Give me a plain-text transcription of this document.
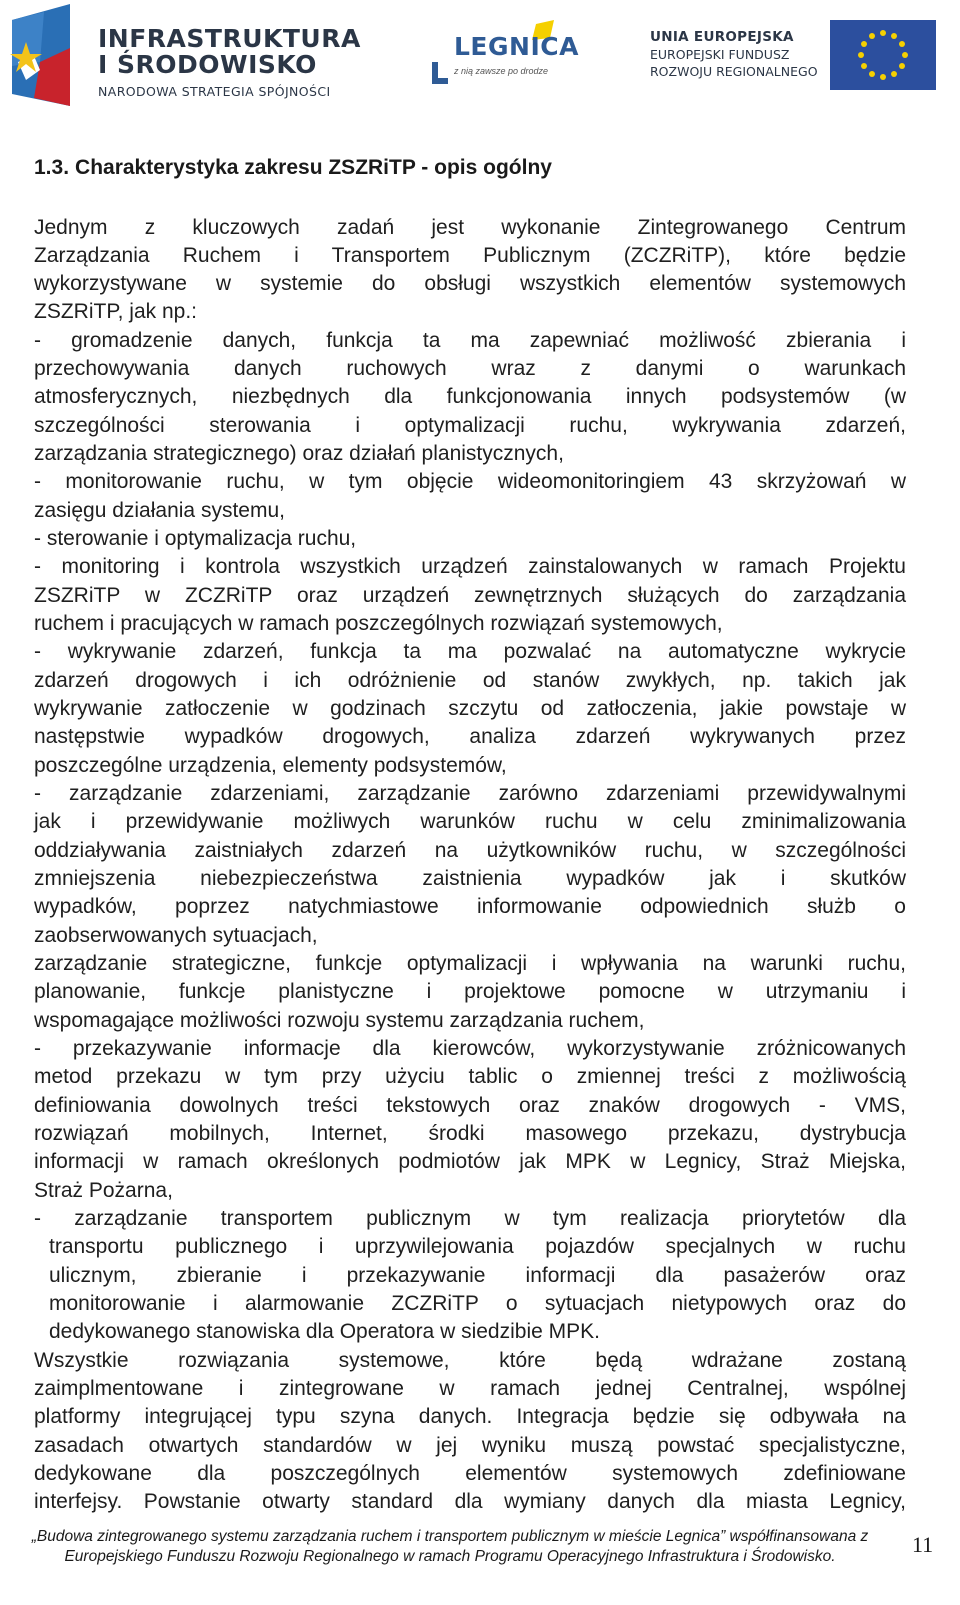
INFRASTRUKTURA
I ŚRODOWISKO
NARODOWA STRATEGIA SPÓJNOŚCI
LEGNICA
z nią zawsze po drodze
UNIA EUROPEJSKA
EUROPEJSKI FUNDUSZ
ROZWOJU REGIONALNEGO
1.3. Charakterystyka zakresu ZSZRiTP - opis ogólny
Jednym z kluczowych zadań jest wykonanie Zintegrowanego Centrum
Zarządzania Ruchem i Transportem Publicznym (ZCZRiTP), które będzie
wykorzystywane w systemie do obsługi wszystkich elementów systemowych
ZSZRiTP, jak np.:
- gromadzenie danych, funkcja ta ma zapewniać możliwość zbierania i
przechowywania danych ruchowych wraz z danymi o warunkach
atmosferycznych, niezbędnych dla funkcjonowania innych podsystemów (w
szczególności sterowania i optymalizacji ruchu, wykrywania zdarzeń,
zarządzania strategicznego) oraz działań planistycznych,
- monitorowanie ruchu, w tym objęcie wideomonitoringiem 43 skrzyżowań w
zasięgu działania systemu,
- sterowanie i optymalizacja ruchu,
- monitoring i kontrola wszystkich urządzeń zainstalowanych w ramach Projektu
ZSZRiTP w ZCZRiTP oraz urządzeń zewnętrznych służących do zarządzania
ruchem i pracujących w ramach poszczególnych rozwiązań systemowych,
- wykrywanie zdarzeń, funkcja ta ma pozwalać na automatyczne wykrycie
zdarzeń drogowych i ich odróżnienie od stanów zwykłych, np. takich jak
wykrywanie zatłoczenie w godzinach szczytu od zatłoczenia, jakie powstaje w
następstwie wypadków drogowych, analiza zdarzeń wykrywanych przez
poszczególne urządzenia, elementy podsystemów,
- zarządzanie zdarzeniami, zarządzanie zarówno zdarzeniami przewidywalnymi
jak i przewidywanie możliwych warunków ruchu w celu zminimalizowania
oddziaływania zaistniałych zdarzeń na użytkowników ruchu, w szczególności
zmniejszenia niebezpieczeństwa zaistnienia wypadków jak i skutków
wypadków, poprzez natychmiastowe informowanie odpowiednich służb o
zaobserwowanych sytuacjach,
zarządzanie strategiczne, funkcje optymalizacji i wpływania na warunki ruchu,
planowanie, funkcje planistyczne i projektowe pomocne w utrzymaniu i
wspomagające możliwości rozwoju systemu zarządzania ruchem,
- przekazywanie informacje dla kierowców, wykorzystywanie zróżnicowanych
metod przekazu w tym przy użyciu tablic o zmiennej treści z możliwością
definiowania dowolnych treści tekstowych oraz znaków drogowych - VMS,
rozwiązań mobilnych, Internet, środki masowego przekazu, dystrybucja
informacji w ramach określonych podmiotów jak MPK w Legnicy, Straż Miejska,
Straż Pożarna,
- zarządzanie transportem publicznym w tym realizacja priorytetów dla
transportu publicznego i uprzywilejowania pojazdów specjalnych w ruchu
ulicznym, zbieranie i przekazywanie informacji dla pasażerów oraz
monitorowanie i alarmowanie ZCZRiTP o sytuacjach nietypowych oraz do
dedykowanego stanowiska dla Operatora w siedzibie MPK.
Wszystkie rozwiązania systemowe, które będą wdrażane zostaną
zaimplmentowane i zintegrowane w ramach jednej Centralnej, wspólnej
platformy integrującej typu szyna danych. Integracja będzie się odbywała na
zasadach otwartych standardów w jej wyniku muszą powstać specjalistyczne,
dedykowane dla poszczególnych elementów systemowych zdefiniowane
interfejsy. Powstanie otwarty standard dla wymiany danych dla miasta Legnicy,
„Budowa zintegrowanego systemu zarządzania ruchem i transportem publicznym w mieście Legnica” współfinansowana z
Europejskiego Funduszu Rozwoju Regionalnego w ramach Programu Operacyjnego Infrastruktura i Środowisko.	11
